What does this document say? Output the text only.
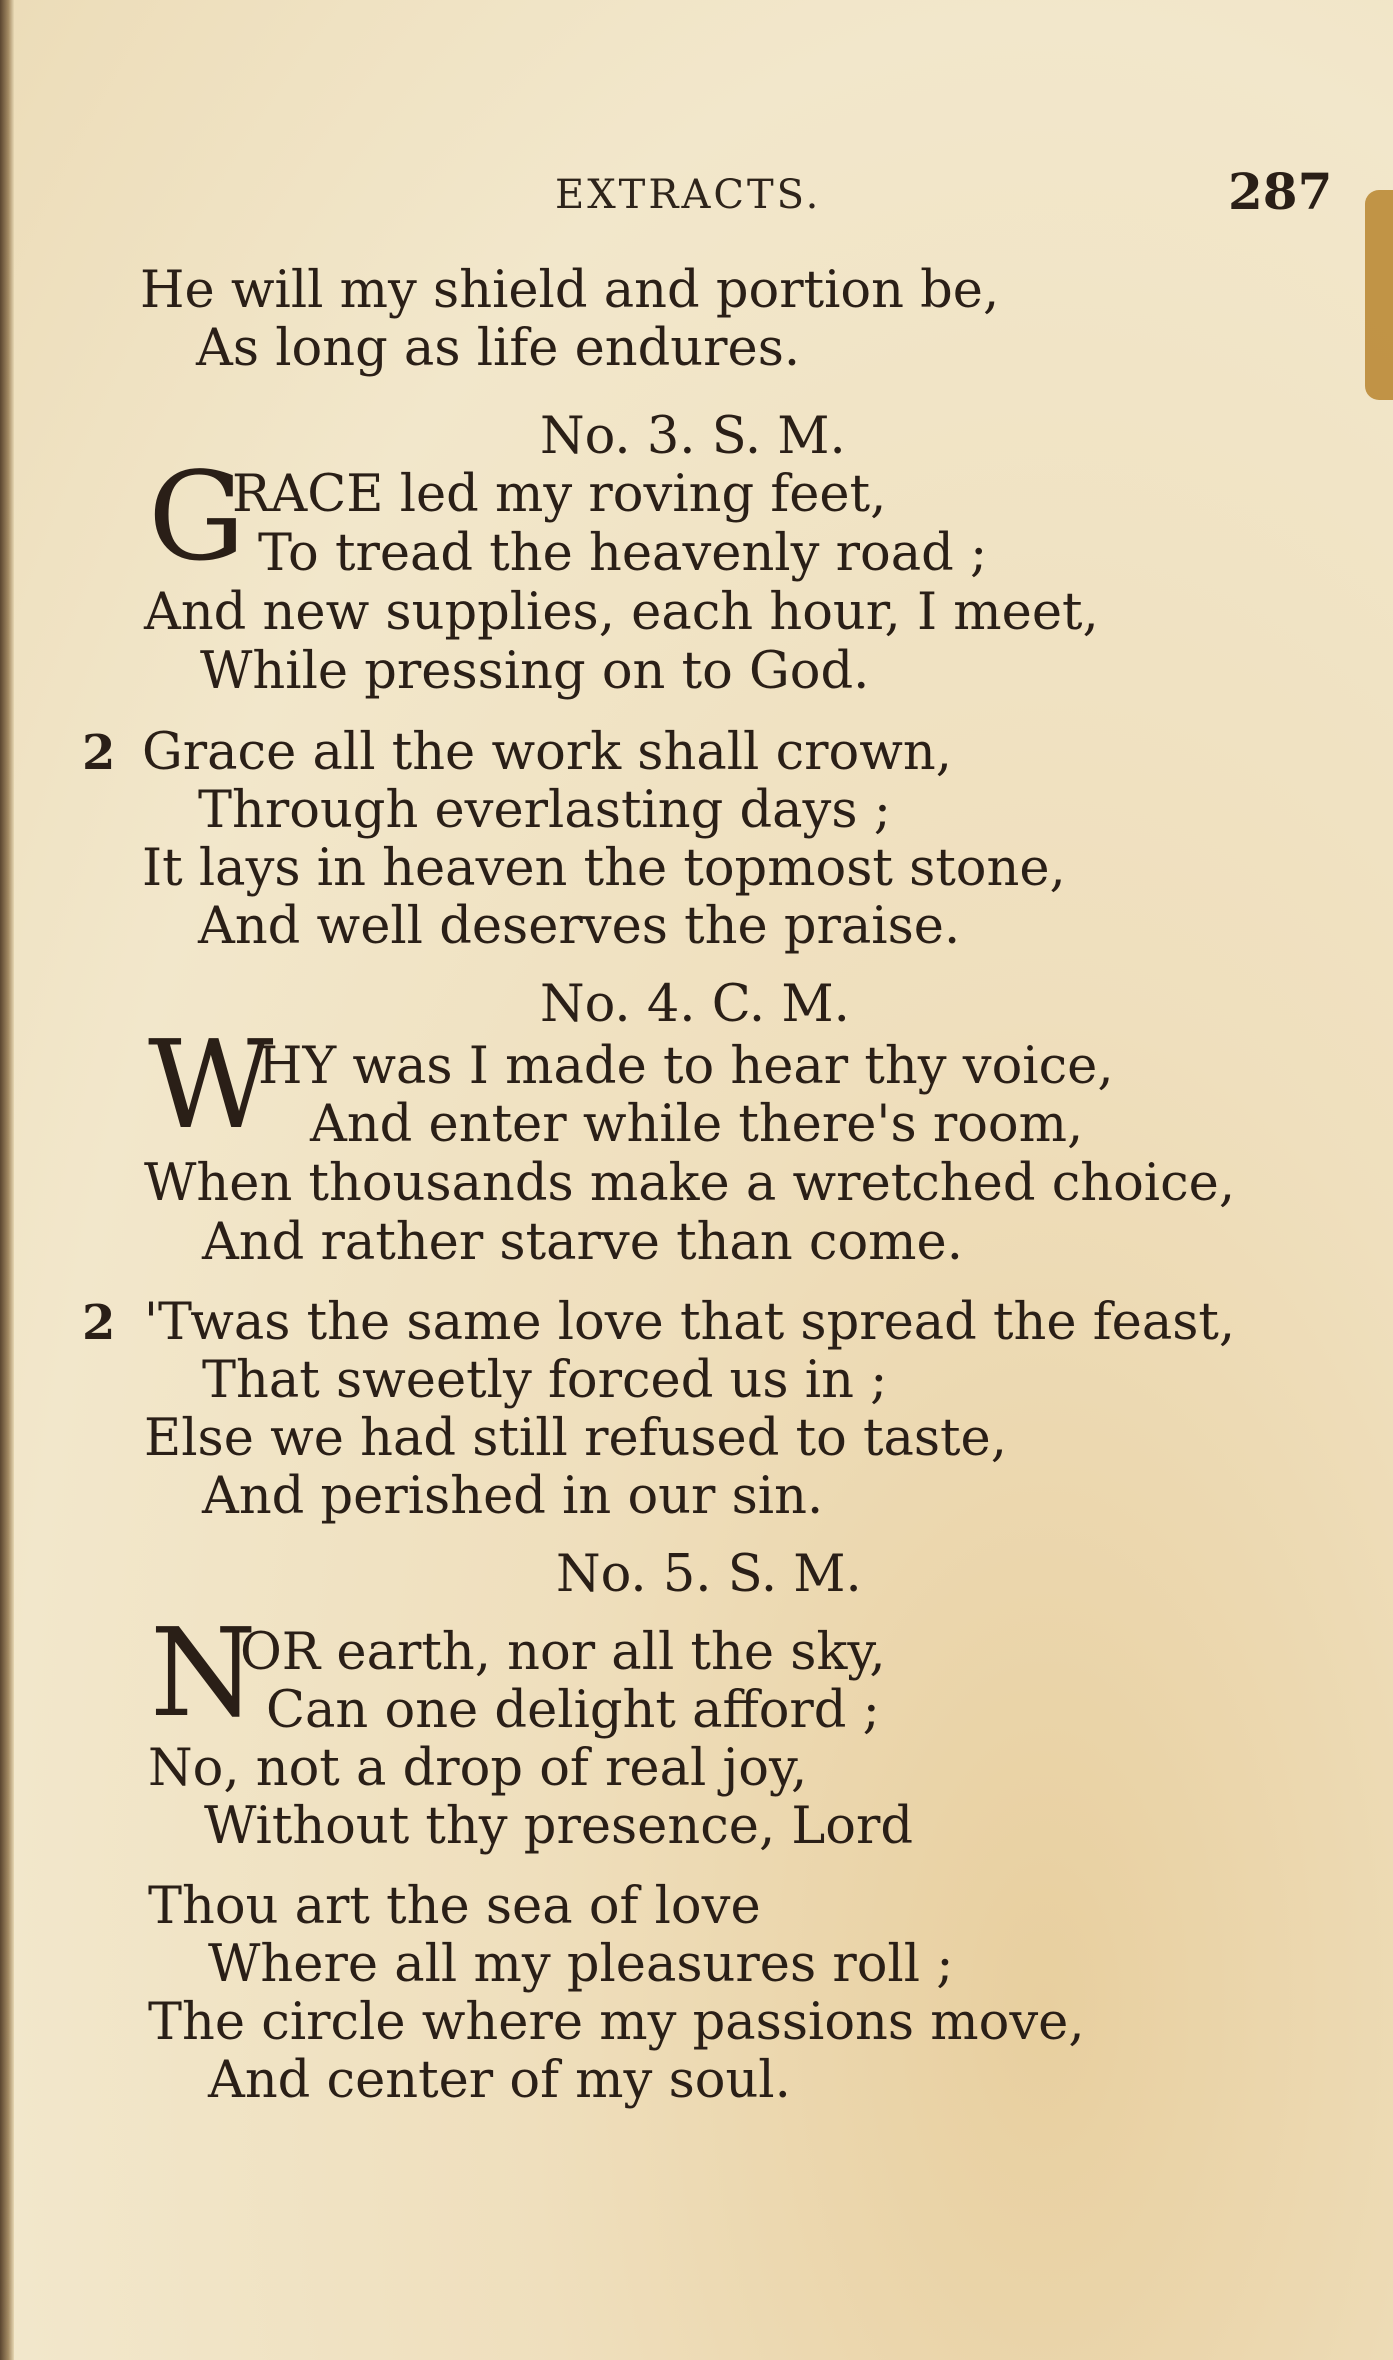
EXTRACTS.	287
He will my shield and portion be,
As long as life endures.
No. 3. S. M.
G
RACE led my roving feet,
To tread the heavenly road ;
And new supplies, each hour, I meet,
While pressing on to God.
2 Grace all the work shall crown,
Through everlasting days ;
It lays in heaven the topmost stone,
And well deserves the praise.
No. 4. C. M.
W
HY was I made to hear thy voice,
And enter while there's room,
When thousands make a wretched choice,
And rather starve than come.
2 'Twas the same love that spread the feast,
That sweetly forced us in ;
Else we had still refused to taste,
And perished in our sin.
No. 5. S. M.
N
OR earth, nor all the sky,
Can one delight afford ;
No, not a drop of real joy,
Without thy presence, Lord
Thou art the sea of love
Where all my pleasures roll ;
The circle where my passions move,
And center of my soul.
